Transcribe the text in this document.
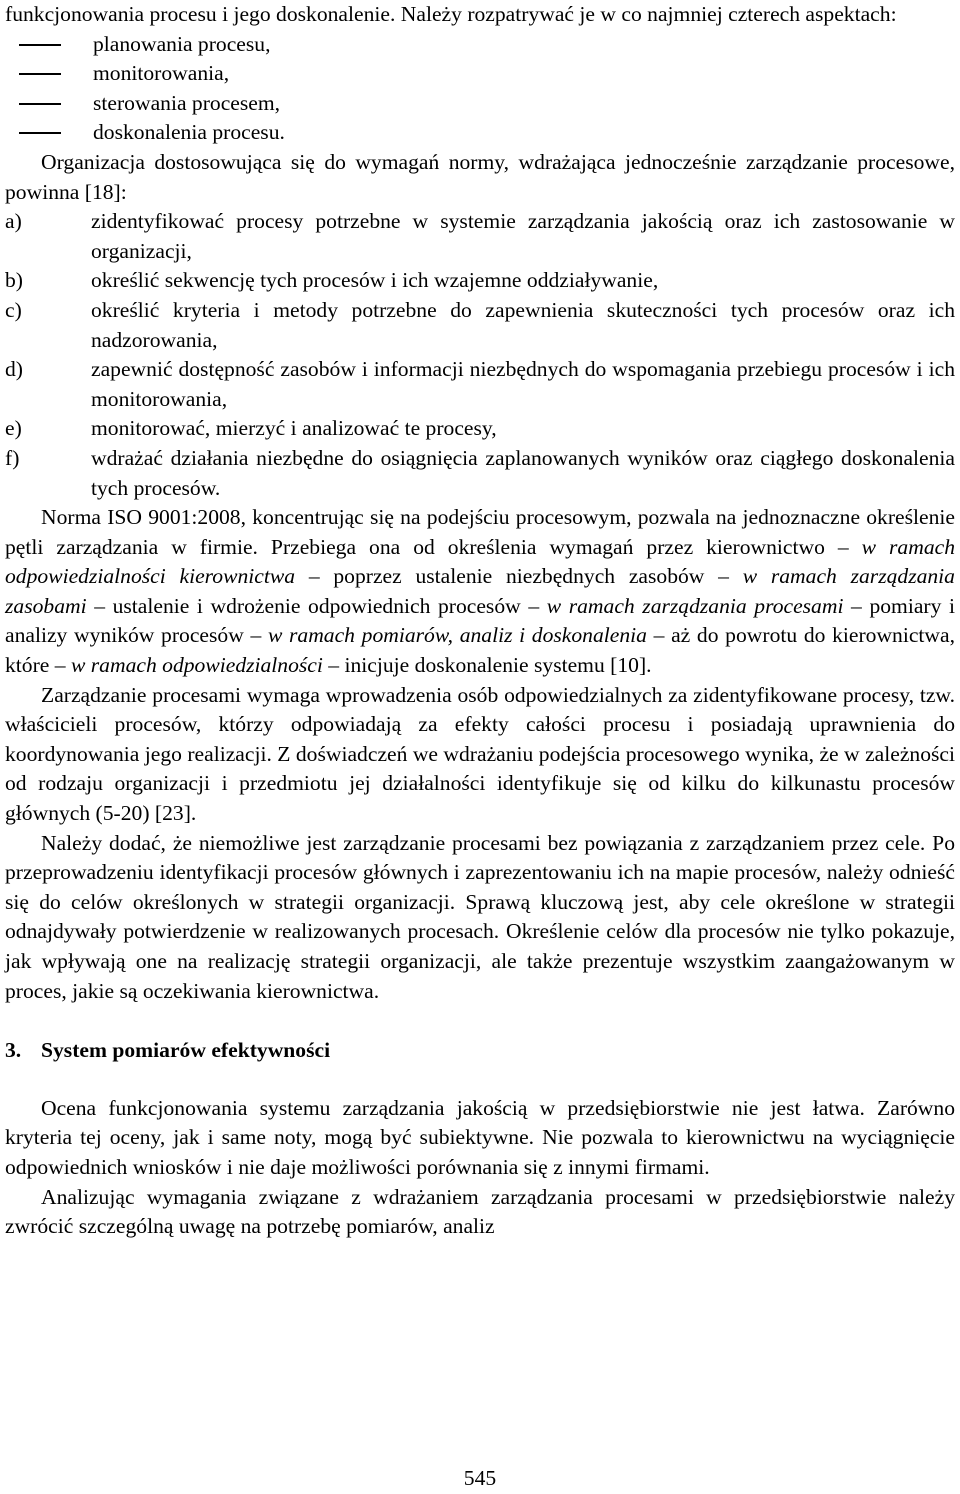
funkcjonowania procesu i jego doskonalenie. Należy rozpatrywać je w co najmniej czterech aspektach:

planowania procesu,
monitorowania,
sterowania procesem,
doskonalenia procesu.

Organizacja dostosowująca się do wymagań normy, wdrażająca jednocześnie zarządzanie procesowe, powinna [18]:

a)	zidentyfikować procesy potrzebne w systemie zarządzania jakością oraz ich zastosowanie w organizacji,
b)	określić sekwencję tych procesów i ich wzajemne oddziaływanie,
c)	określić kryteria i metody potrzebne do zapewnienia skuteczności tych procesów oraz ich nadzorowania,
d)	zapewnić dostępność zasobów i informacji niezbędnych do wspomagania przebiegu procesów i ich monitorowania,
e)	monitorować, mierzyć i analizować te procesy,
f)	wdrażać działania niezbędne do osiągnięcia zaplanowanych wyników oraz ciągłego doskonalenia tych procesów.

Norma ISO 9001:2008, koncentrując się na podejściu procesowym, pozwala na jednoznaczne określenie pętli zarządzania w firmie. Przebiega ona od określenia wymagań przez kierownictwo – w ramach odpowiedzialności kierownictwa – poprzez ustalenie niezbędnych zasobów – w ramach zarządzania zasobami – ustalenie i wdrożenie odpowiednich procesów – w ramach zarządzania procesami – pomiary i analizy wyników procesów – w ramach pomiarów, analiz i doskonalenia – aż do powrotu do kierownictwa, które – w ramach odpowiedzialności – inicjuje doskonalenie systemu [10].

Zarządzanie procesami wymaga wprowadzenia osób odpowiedzialnych za zidentyfikowane procesy, tzw. właścicieli procesów, którzy odpowiadają za efekty całości procesu i posiadają uprawnienia do koordynowania jego realizacji. Z doświadczeń we wdrażaniu podejścia procesowego wynika, że w zależności od rodzaju organizacji i przedmiotu jej działalności identyfikuje się od kilku do kilkunastu procesów głównych (5-20) [23].

Należy dodać, że niemożliwe jest zarządzanie procesami bez powiązania z zarządzaniem przez cele. Po przeprowadzeniu identyfikacji procesów głównych i zaprezentowaniu ich na mapie procesów, należy odnieść się do celów określonych w strategii organizacji. Sprawą kluczową jest, aby cele określone w strategii odnajdywały potwierdzenie w realizowanych procesach. Określenie celów dla procesów nie tylko pokazuje, jak wpływają one na realizację strategii organizacji, ale także prezentuje wszystkim zaangażowanym w proces, jakie są oczekiwania kierownictwa.

3. System pomiarów efektywności

Ocena funkcjonowania systemu zarządzania jakością w przedsiębiorstwie nie jest łatwa. Zarówno kryteria tej oceny, jak i same noty, mogą być subiektywne. Nie pozwala to kierownictwu na wyciągnięcie odpowiednich wniosków i nie daje możliwości porównania się z innymi firmami.

Analizując wymagania związane z wdrażaniem zarządzania procesami w przedsiębiorstwie należy zwrócić szczególną uwagę na potrzebę pomiarów, analiz

545
